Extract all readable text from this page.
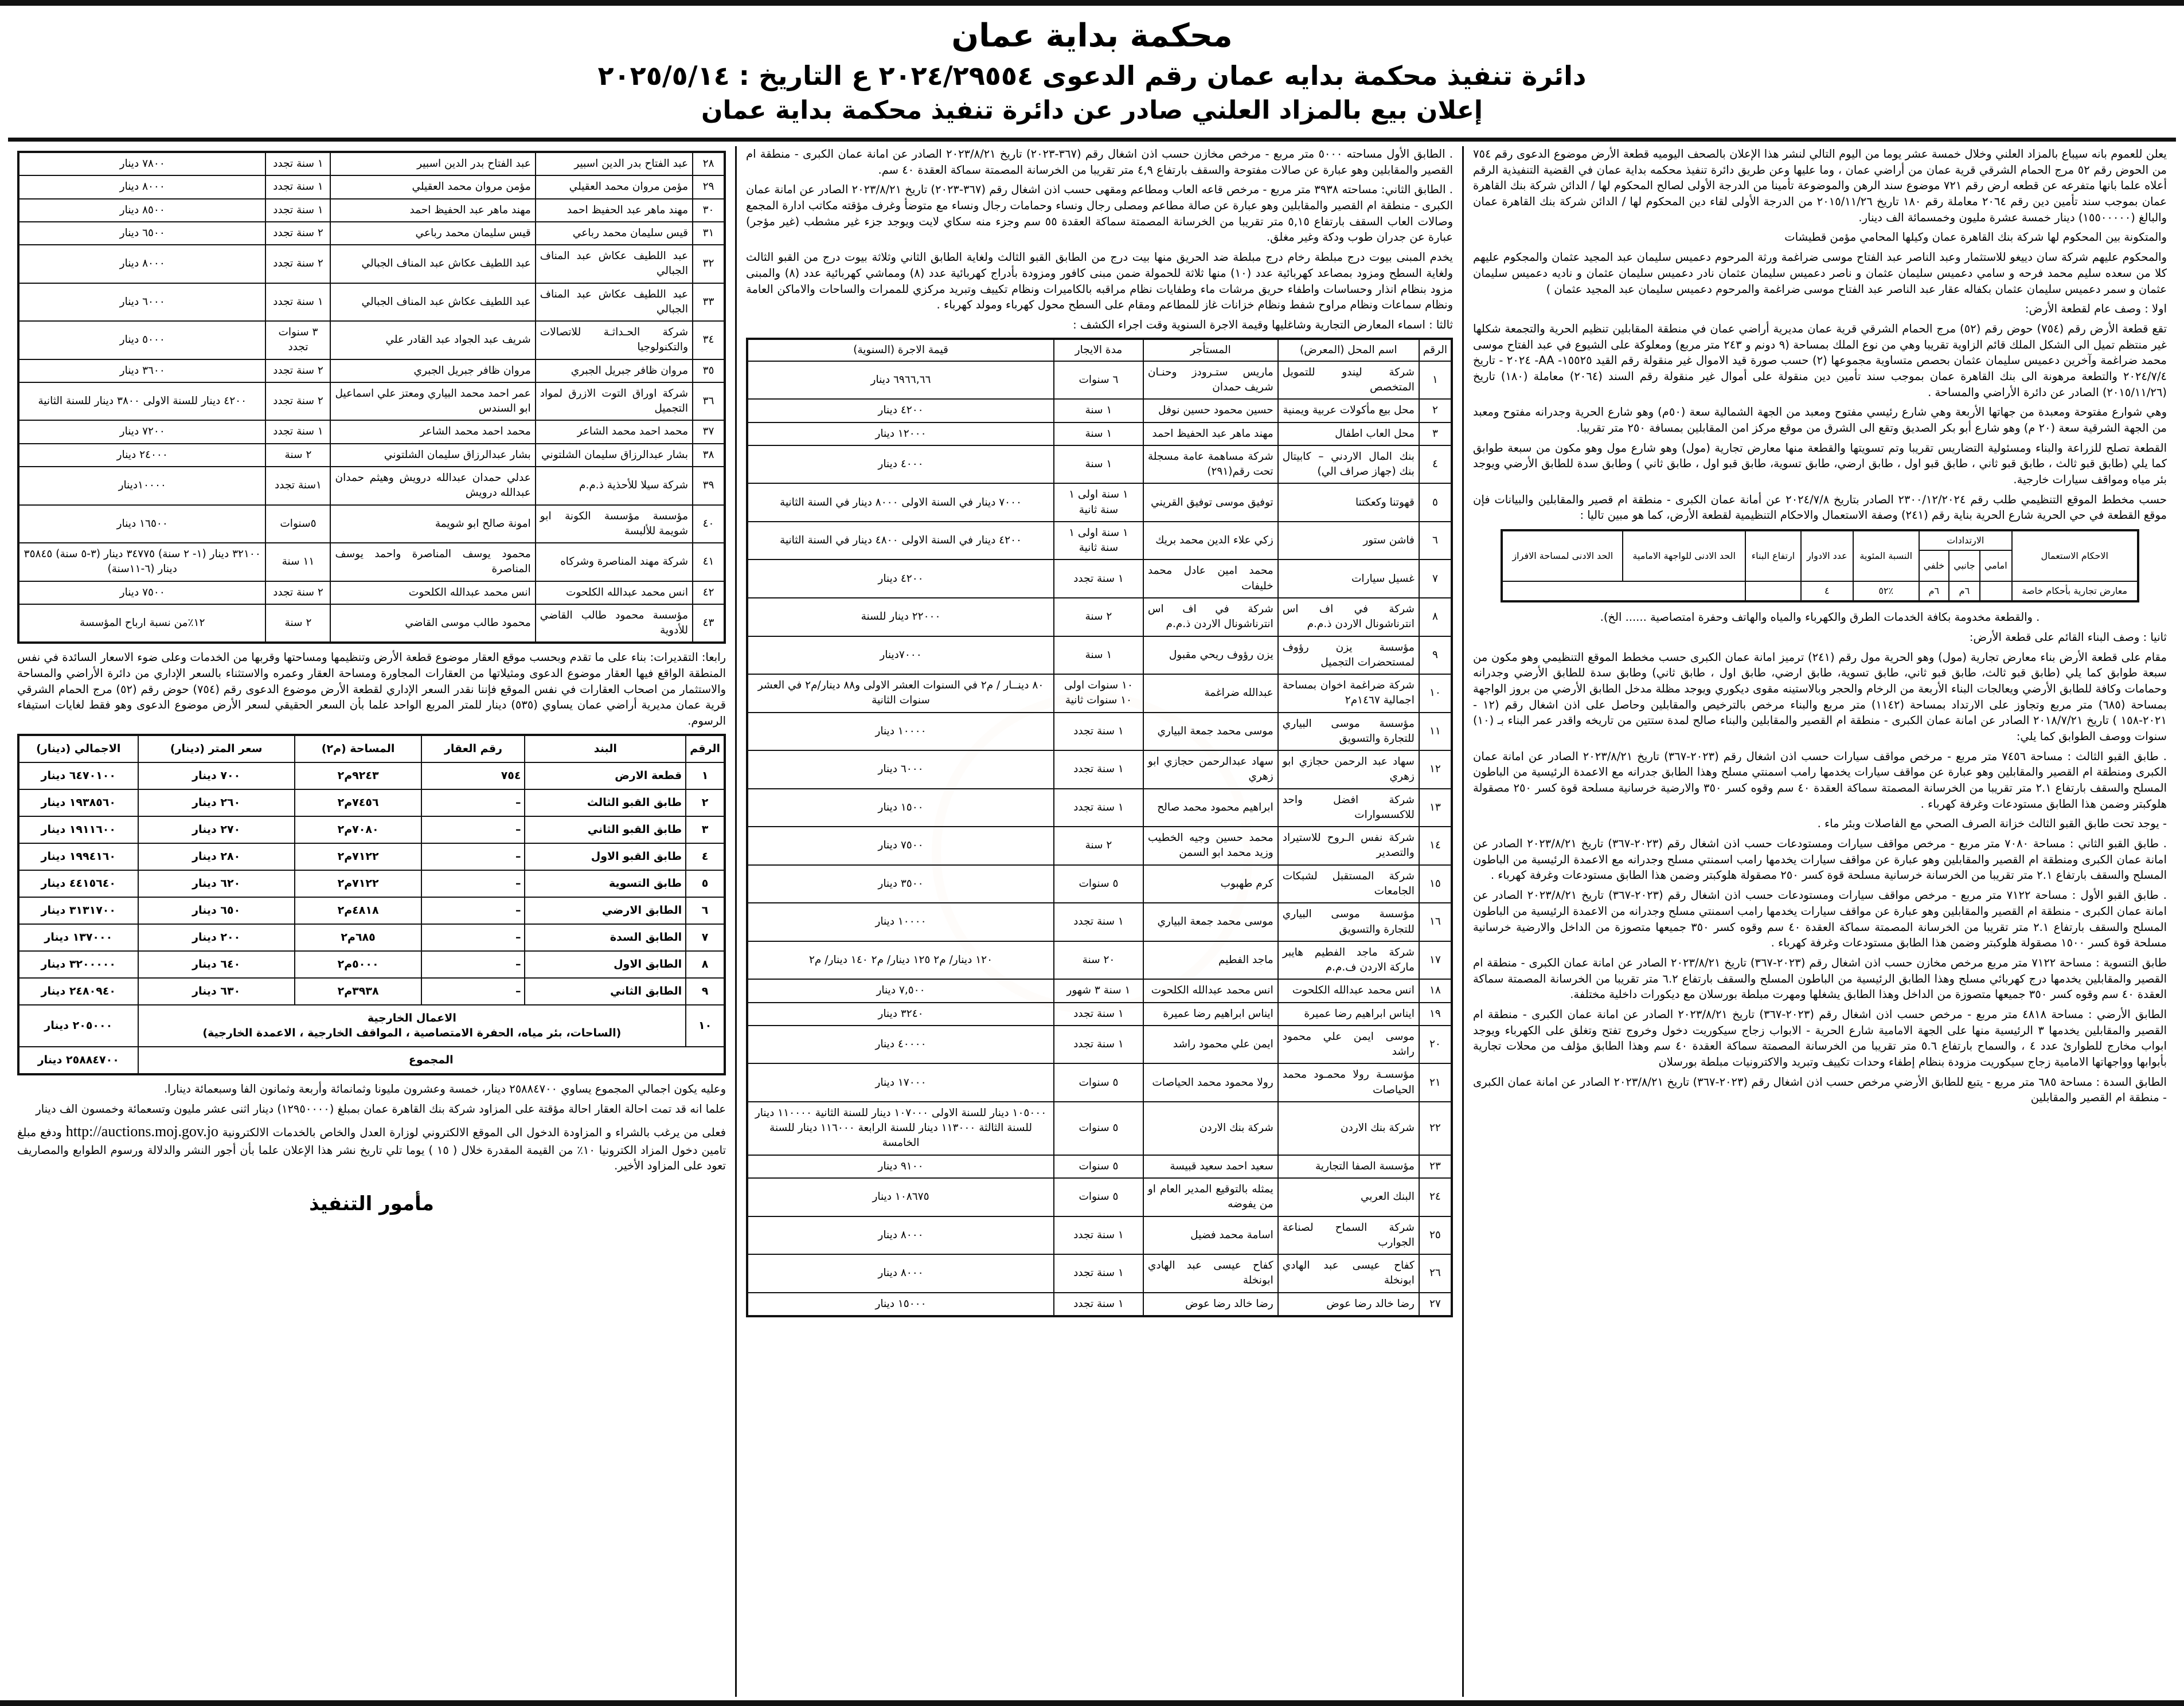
محكمة بداية عمان
دائرة تنفيذ محكمة بدايه عمان رقم الدعوى ٢٠٢٤/٢٩٥٥٤ ع التاريخ : ٢٠٢٥/٥/١٤
إعلان بيع بالمزاد العلني صادر عن دائرة تنفيذ محكمة بداية عمان

يعلن للعموم بانه سيباع بالمزاد العلني وخلال خمسة عشر يوما من اليوم التالي لنشر هذا الإعلان بالصحف اليوميه قطعة الأرض موضوع الدعوى رقم ٧٥٤ من الحوض رقم ٥٢ مرج الحمام الشرقي قرية عمان من أراضي عمان ، وما عليها وعن طريق دائرة تنفيذ محكمه بداية عمان في القضية التنفيذية الرقم أعلاه علما بانها متفرعه عن قطعه ارض رقم ٧٢١ موضوع سند الرهن والموضوعة تأمينا من الدرجة الأولى لصالح المحكوم لها / الدائن شركة بنك القاهرة عمان بموجب سند تأمين دين رقم ٢٠٦٤ معاملة رقم ١٨٠ تاريخ ٢٠١٥/١١/٢٦ من الدرجة الأولى لقاء دين المحكوم لها / الدائن شركة بنك القاهرة عمان والبالغ (١٥٥٠٠٠٠٠) دينار خمسة عشرة مليون وخمسمائة الف دينار.

والمتكونة بين المحكوم لها شركة بنك القاهرة عمان وكيلها المحامي مؤمن قطيشات

والمحكوم عليهم شركة سان دييغو للاستثمار وعبد الناصر عبد الفتاح موسى ضراغمة ورثة المرحوم دعميس سليمان عبد المجيد عثمان والمجكوم عليهم كلا من سعده سليم محمد فرحه و سامي دعميس سليمان عثمان و ناصر دعميس سليمان عثمان نادر دعميس سليمان عثمان و ناديه دعميس سليمان عثمان و سمر دعميس سليمان عثمان بكفاله عقار عبد الناصر عبد الفتاح موسى ضراغمة والمرحوم دعميس سليمان عبد المجيد عثمان )

اولا : وصف عام لقطعة الأرض:

تقع قطعة الأرض رقم (٧٥٤) حوض رقم (٥٢) مرج الحمام الشرقي قرية عمان مديرية أراضي عمان في منطقة المقابلين تنظيم الحرية والتجمعة شكلها غير منتظم تميل الى الشكل الملك قائم الزاوية تقريبا وهي من نوع الملك بمساحة (٩ دونم و ٢٤٣ متر مربع) ومعلوكة على الشيوع في عبد الفتاح موسى محمد ضراغمة وآخرين دعميس سليمان عثمان بحصص متساوية مجموعها (٢) حسب صورة قيد الاموال غير منقولة رقم القيد ١٥٥٢٥- AA- ٢٠٢٤ - تاريخ ٢٠٢٤/٧/٤ والتطعة مرهونة الى بنك القاهرة عمان بموجب سند تأمين دين منقولة على أموال غير منقولة رقم السند (٢٠٦٤) معاملة (١٨٠) تاريخ (٢٠١٥/١١/٢٦) الصادر عن دائرة الأراضي والمساحة .

وهي شوارع مفتوحة ومعبدة من جهاتها الأربعة وهي شارع رئيسي مفتوح ومعبد من الجهة الشمالية سعة (٥٠م) وهو شارع الحرية وجدرانه مفتوح ومعبد من الجهة الشرقية سعة (٢٠ م) وهو شارع أبو بكر الصديق وتقع الى الشرق من موقع مركز امن المقابلين بمسافة ٢٥٠ متر تقريبا.

القطعة تصلح للزراعة والبناء ومسئولية التضاريس تقريبا وتم تسويتها والقطعة منها معارض تجارية (مول) وهو شارع مول وهو مكون من سبعة طوابق كما يلي (طابق قبو ثالث ، طابق قبو ثاني ، طابق قبو اول ، طابق ارضي، طابق تسوية، طابق قبو اول ، طابق ثاني ) وطابق سدة للطابق الأرضي ويوجد بئر مياه ومواقف سيارات خارجية.

حسب مخطط الموقع التنظيمي طلب رقم ٢٣٠٠/١٢/٢٠٢٤ الصادر بتاريخ ٢٠٢٤/٧/٨ عن أمانة عمان الكبرى - منطقة ام قصير والمقابلين والبيانات فإن موقع القطعة في حي الحرية شارع الحرية بناية رقم (٢٤١) وصفة الاستعمال والاحكام التنظيمية لقطعة الأرض، كما هو مبين تاليا :

الاحكام الاستعمال	الارتدادات			النسبة المئوية	عدد الادوار	ارتفاع البناء	الحد الادنى للواجهة الامامية	الحد الادنى لمساحة الافراز
	امامي	جانبي	خلفي					
معارض تجارية بأحكام خاصة		٦م	٦م	٪٥٢	٤			

. والقطعة مخدومة بكافة الخدمات الطرق والكهرباء والمياه والهاتف وحفرة امتصاصية ...... الخ).

ثانيا : وصف البناء القائم على قطعة الأرض:

مقام على قطعة الأرض بناء معارض تجارية (مول) وهو الحرية مول رقم (٢٤١) ترميز امانة عمان الكبرى حسب مخطط الموقع التنظيمي وهو مكون من سبعة طوابق كما يلي (طابق قبو ثالث، طابق قبو ثاني، طابق تسوية، طابق ارضي، طابق اول ، طابق ثاني) وطابق سدة للطابق الأرضي وجدرانه وحمامات وكافة للطابق الأرضي ويعالجات البناء الأربعة من الرخام والحجر وبالاستينه مقوى ديكوري ويوجد مظلة مدخل الطابق الأرضي من بروز الواجهة بمساحة (٦٨٥) متر مربع وتجاوز على الارتداد بمساحة (١١٤٢) متر مربع والبناء مرخص بالترخيص والمقابلين وحاصل على اذن اشغال رقم (١٢ - ٢٠٢١-١٥٨ ) تاريخ ٢٠١٨/٧/٢١ الصادر عن امانة عمان الكبرى - منطقة ام القصير والمقابلين والبناء صالح لمدة ستتين من تاريخه واقدر عمر البناء بـ (١٠) سنوات ووصف الطوابق كما يلي:

. طابق القبو الثالث : مساحة ٧٤٥٦ متر مربع - مرخص مواقف سيارات حسب اذن اشغال رقم (٢٠٢٣-٣٦٧) تاريخ ٢٠٢٣/٨/٢١ الصادر عن امانة عمان الكبرى ومنطقة ام القصير والمقابلين وهو عبارة عن مواقف سيارات يخدمها رامب اسمنتي مسلح وهذا الطابق جدرانه مع الاعمدة الرئيسية من الباطون المسلح والسقف بارتفاع ٢.١ متر تقريبا من الخرسانة المصمتة سماكة العقدة ٤٠ سم وقوه كسر ٣٥٠ والارضية خرسانية مسلحة قوة كسر ٢٥٠ مصقولة هلوكبتر وضمن هذا الطابق مستودعات وغرفة كهرباء .

- يوجد تحت طابق القبو الثالث خزانة الصرف الصحي مع الفاصلات وبئر ماء .

. طابق القبو الثاني : مساحة ٧٠٨٠ متر مربع - مرخص مواقف سيارات ومستودعات حسب اذن اشغال رقم (٢٠٢٣-٣٦٧) تاريخ ٢٠٢٣/٨/٢١ الصادر عن امانة عمان الكبرى ومنطقة ام القصير والمقابلين وهو عبارة عن مواقف سيارات يخدمها رامب اسمنتي مسلح وجدرانه مع الاعمدة الرئيسية من الباطون المسلح والسقف بارتفاع ٢.١ متر تقريبا من الخرسانة خرسانية مسلحة قوة كسر ٢٥٠ مصقولة هلوكبتر وضمن هذا الطابق مستودعات وغرفة كهرباء .

. طابق القبو الأول : مساحة ٧١٢٢ متر مربع - مرخص مواقف سيارات ومستودعات حسب اذن اشغال رقم (٢٠٢٣-٣٦٧) تاريخ ٢٠٢٣/٨/٢١ الصادر عن امانة عمان الكبرى - منطقة ام القصير والمقابلين وهو عبارة عن مواقف سيارات يخدمها رامب اسمنتي مسلح وجدرانه من الاعمدة الرئيسية من الباطون المسلح والسقف بارتفاع ٢.١ متر تقريبا من الخرسانة المصمتة سماكة العقدة ٤٠ سم وقوه كسر ٣٥٠ جميعها متصوزة من الداخل والارضية خرسانية مسلحة قوة كسر ١٥٠٠ مصقولة هلوكبتر وضمن هذا الطابق مستودعات وغرفة كهرباء .

طابق التسوية : مساحة ٧١٢٢ متر مربع مرخص مخازن حسب اذن اشغال رقم (٢٠٢٣-٣٦٧) تاريخ ٢٠٢٣/٨/٢١ الصادر عن امانة عمان الكبرى - منطقة ام القصير والمقابلين يخدمها درج كهربائي مسلح وهذا الطابق الرئيسية من الباطون المسلح والسقف بارتفاع ٦.٢ متر تقريبا من الخرسانة المصمتة سماكة العقدة ٤٠ سم وقوه كسر ٣٥٠ جميعها متصوزة من الداخل وهذا الطابق يشغلها ومهرت مبلطة بورسلان مع ديكورات داخلية مختلفة.

الطابق الأرضي : مساحة ٤٨١٨ متر مربع - مرخص حسب اذن اشغال رقم (٢٠٢٣-٣٦٧) تاريخ ٢٠٢٣/٨/٢١ الصادر عن امانة عمان الكبرى - منطقة ام القصير والمقابلين يخدمها ٣ الرئيسية منها على الجهة الامامية شارع الحرية - الابواب زجاج سيكوريت دخول وخروج تفتح وتغلق على الكهرباء ويوجد ابواب مخارج للطوارئ عدد ٤ ، والسماح بارتفاع ٥.٦ متر تقريبا من الخرسانة المصمتة سماكة العقدة ٤٠ سم وهذا الطابق مؤلف من محلات تجارية بأبوابها وواجهاتها الامامية زجاج سيكوريت مزودة بنظام إطفاء وحدات تكييف وتبريد والاكترونيات مبلطة بورسلان

الطابق السدة : مساحة ٦٨٥ متر مربع - يتبع للطابق الأرضي مرخص حسب اذن اشغال رقم (٢٠٢٣-٣٦٧) تاريخ ٢٠٢٣/٨/٢١ الصادر عن امانة عمان الكبرى - منطقة ام القصير والمقابلين

. الطابق الأول مساحته ٥٠٠٠ متر مربع - مرخص مخازن حسب اذن اشغال رقم (٣٦٧-٢٠٢٣) تاريخ ٢٠٢٣/٨/٢١ الصادر عن امانة عمان الكبرى - منطقة ام القصير والمقابلين وهو عبارة عن صالات مفتوحة والسقف بارتفاع ٤,٩ متر تقريبا من الخرسانة المصمتة سماكة العقدة ٤٠ سم.

. الطابق الثاني: مساحته ٣٩٣٨ متر مربع - مرخص قاعه العاب ومطاعم ومقهى حسب اذن اشغال رقم (٣٦٧-٢٠٢٣) تاريخ ٢٠٢٣/٨/٢١ الصادر عن امانة عمان الكبرى - منطقة ام القصير والمقابلين وهو عبارة عن صالة مطاعم ومصلى رجال ونساء وحمامات رجال ونساء مع متوضأ وغرف مؤقته مكاتب ادارة المجمع وصالات العاب السقف بارتفاع ٥,١٥ متر تقريبا من الخرسانة المصمتة سماكة العقدة ٥٥ سم وجزء منه سكاي لايت ويوجد جزء غير مشطب (غير مؤجر) عبارة عن جدران طوب ودكة وغير مغلق.

يخدم المبنى بيوت درج مبلطة رخام درج مبلطة ضد الحريق منها بيت درج من الطابق القبو الثالث ولغاية الطابق الثاني وثلاثة بيوت درج من القبو الثالث ولغاية السطح ومزود بمصاعد كهربائية عدد (١٠) منها ثلاثة للحمولة ضمن مبنى كافور ومزودة بأدراج كهربائية عدد (٨) ومماشي كهربائية عدد (٨) والمبنى مزود بنظام انذار وحساسات واطفاء حريق مرشات ماء وطفايات نظام مراقبه بالكاميرات ونظام تكييف وتبريد مركزي للممرات والساحات والاماكن العامة ونظام سماعات ونظام مراوح شفط ونظام خزانات غاز للمطاعم ومقام على السطح محول كهرباء ومولد كهرباء .

ثالثا : اسماء المعارض التجارية وشاغليها وقيمة الاجرة السنوية وقت اجراء الكشف :

الرقم	اسم المحل (المعرض)	المستأجر	مدة الايجار	قيمة الاجرة (السنوية)
١	شركة ليندو للتمويل المتخصص	ماريس ستـرودز وحنـان شريف حمدان	٦ سنوات	٦٩٦٦,٦٦ دينار
٢	محل بيع مأكولات عربية ويمنية	حسين محمود حسين نوفل	١ سنة	٤٢٠٠ دينار
٣	محل العاب اطفال	مهند ماهر عبد الحفيظ احمد	١ سنة	١٢٠٠٠ دينار
٤	بنك المال الاردني – كابيتال بنك (جهاز صراف الي)	شركة مساهمة عامة مسجلة تحت رقم(٢٩١)	١ سنة	٤٠٠٠ دينار
٥	قهوتنا وكعكتنا	توفيق موسى توفيق القريني	١ سنة اولى ١ سنة ثانية	٧٠٠٠ دينار في السنة الاولى ٨٠٠٠ دينار في السنة الثانية
٦	فاشن ستور	زكي علاء الدين محمد بريك	١ سنة اولى ١ سنة ثانية	٤٢٠٠ دينار في السنة الاولى ٤٨٠٠ دينار في السنة الثانية
٧	غسيل سيارات	محمد امين عادل محمد خليفات	١ سنة تجدد	٤٢٠٠ دينار
٨	شركة في اف اس انترناشونال الاردن ذ.م.م	شركة في اف اس انترناشونال الاردن ذ.م.م	٢ سنة	٢٢٠٠٠ دينار للسنة
٩	مؤسسة يزن رؤوف لمستحضرات التجميل	يزن رؤوف ريحي مقبول	١ سنة	٧٠٠٠دينار
١٠	شركة ضراغمة اخوان بمساحة اجمالية ١٤٦٧م٢	عبدالله ضراغمة	١٠ سنوات اولى ١٠ سنوات ثانية	٨٠ دينــار / م٢ في السنوات العشر الاولى و٨٨ دينار/م٢ في العشر سنوات الثانية
١١	مؤسسة موسى البياري للتجارة والتسويق	موسى محمد جمعة البياري	١ سنة تجدد	١٠٠٠٠ دينار
١٢	سهاد عبد الرحمن حجازي ابو زهري	سهاد عبدالرحمن حجازي ابو زهري	١ سنة تجدد	٦٠٠٠ دينار
١٣	شركة افضل واحد للاكسسوارات	ابراهيم محمود محمد صالح	١ سنة تجدد	١٥٠٠ دينار
١٤	شركة نفس الـروح للاستيراد والتصدير	محمد حسين وجيه الخطيب وزيد محمد ابو السمن	٢ سنة	٧٥٠٠ دينار
١٥	شركة المستقبل لشبكات الجامعات	كرم طهبوب	٥ سنوات	٣٥٠٠ دينار
١٦	مؤسسة موسى البياري للتجارة والتسويق	موسى محمد جمعة البياري	١ سنة تجدد	١٠٠٠٠ دينار
١٧	شركة ماجد الفطيم هايبر ماركة الاردن ف.م.م	ماجد الفطيم	٢٠ سنة	١٢٠ دينار/ م٢ ١٢٥ دينار/ م٢ ١٤٠ دينار/ م٢
١٨	انس محمد عبدالله الكلحوت	انس محمد عبدالله الكلحوت	١ سنة ٣ شهور	٧,٥٠٠ دينار
١٩	ايناس ابراهيم رضا عميرة	ايناس ابراهيم رضا عميرة	١ سنة تجدد	٣٢٤٠ دينار
٢٠	موسى ايمن علي محمود راشد	ايمن علي محمود راشد	١ سنة تجدد	٤٠٠٠٠ دينار
٢١	مؤسسـة رولا محمـود محمد الحياصات	رولا محمود محمد الحياصات	٥ سنوات	١٧٠٠٠ دينار
٢٢	شركة بنك الاردن	شركة بنك الاردن	٥ سنوات	١٠٥٠٠٠ دينار للسنة الاولى ١٠٧٠٠٠ دينار للسنة الثانية ١١٠٠٠٠ دينار للسنة الثالثة ١١٣٠٠٠ دينار للسنة الرابعة ١١٦٠٠٠ دينار للسنة الخامسة
٢٣	مؤسسة الصفا التجارية	سعيد احمد سعيد قبيسة	٥ سنوات	٩١٠٠ دينار
٢٤	البنك العربي	يمثله بالتوقيع المدير العام او من يفوضه	٥ سنوات	١٠٨٦٧٥ دينار
٢٥	شركة السماح لصناعة الجوارب	اسامة محمد فضيل	١ سنة تجدد	٨٠٠٠ دينار
٢٦	كفاح عيسى عبد الهادي ابونخلة	كفاح عيسى عبد الهادي ابونخلة	١ سنة تجدد	٨٠٠٠ دينار
٢٧	رضا خالد رضا عوض	رضا خالد رضا عوض	١ سنة تجدد	١٥٠٠٠ دينار
٢٨	عبد الفتاح بدر الدين اسبير	عبد الفتاح بدر الدين اسبير	١ سنة تجدد	٧٨٠٠ دينار
٢٩	مؤمن مروان محمد العقيلي	مؤمن مروان محمد العقيلي	١ سنة تجدد	٨٠٠٠ دينار
٣٠	مهند ماهر عبد الحفيظ احمد	مهند ماهر عبد الحفيظ احمد	١ سنة تجدد	٨٥٠٠ دينار
٣١	قيس سليمان محمد رباعي	قيس سليمان محمد رباعي	٢ سنة تجدد	٦٥٠٠ دينار
٣٢	عبد اللطيف عكاش عبد المناف الجبالي	عبد اللطيف عكاش عبد المناف الجبالي	٢ سنة تجدد	٨٠٠٠ دينار
٣٣	عبد اللطيف عكاش عبد المناف الجبالي	عبد اللطيف عكاش عبد المناف الجبالي	١ سنة تجدد	٦٠٠٠ دينار
٣٤	شركة الحـداثـة للاتصالات والتكنولوجيا	شريف عبد الجواد عبد القادر علي	٣ سنوات تجدد	٥٠٠٠ دينار
٣٥	مروان ظافر جبريل الجبري	مروان ظافر جبريل الجبري	٢ سنة تجدد	٣٦٠٠ دينار
٣٦	شركة اوراق التوت الازرق لمواد التجميل	عمر احمد محمد البياري ومعتز علي اسماعيل ابو السندس	٢ سنة تجدد	٤٢٠٠ دينار للسنة الاولى ٣٨٠٠ دينار للسنة الثانية
٣٧	محمد احمد محمد الشاعر	محمد احمد محمد الشاعر	١ سنة تجدد	٧٢٠٠ دينار
٣٨	بشار عبدالرزاق سليمان الشلتوني	بشار عبدالرزاق سليمان الشلتوني	٢ سنة	٢٤٠٠٠ دينار
٣٩	شركة سيلا للأحذية ذ.م.م	عدلي حمدان عبدالله درويش وهيثم حمدان عبدالله درويش	١سنة تجدد	١٠٠٠٠دينار
٤٠	مؤسسة مؤسسة الكونة ابو شويمة للألبسة	امونة صالح ابو شويمة	٥سنوات	١٦٥٠٠ دينار
٤١	شركة مهند المناصرة وشركاه	محمود يوسف المناصرة واحمد يوسف المناصرة	١١ سنة	٣٢١٠٠ دينار (١- ٢ سنة) ٣٤٧٧٥ دينار (٣-٥ سنة) ٣٥٨٤٥ دينار (٦-١١سنة)
٤٢	انس محمد عبدالله الكلحوت	انس محمد عبدالله الكلحوت	٢ سنة تجدد	٧٥٠٠ دينار
٤٣	مؤسسة محمود طالب القاضي للأدوية	محمود طالب موسى القاضي	٢ سنة	١٢٪من نسبة ارباح المؤسسة

رابعا: التقديرات: بناء على ما تقدم وبحسب موقع العقار موضوع قطعة الأرض وتنظيمها ومساحتها وقربها من الخدمات وعلى ضوء الاسعار السائدة في نفس المنطقة الواقع فيها العقار موضوع الدعوى ومثيلاتها من العقارات المجاورة ومساحة العقار وعمره والاستثناء بالسعر الإداري من دائرة الأراضي والمساحة والاستثمار من اصحاب العقارات في نفس الموقع فإننا نقدر السعر الإداري لقطعة الأرض موضوع الدعوى رقم (٧٥٤) حوض رقم (٥٢) مرج الحمام الشرقي قرية عمان مديرية أراضي عمان يساوي (٥٣٥) دينار للمتر المربع الواحد علما بأن السعر الحقيقي لسعر الأرض موضوع الدعوى وهو فقط لغايات استيفاء الرسوم.

الرقم	البند	رقم العقار	المساحة (م٢)	سعر المتر (دينار)	الاجمالي (دينار)
١	قطعة الارض	٧٥٤	٩٢٤٣م٢	٧٠٠ دينار	٦٤٧٠١٠٠ دينار
٢	طابق القبو الثالث	–	٧٤٥٦م٢	٢٦٠ دينار	١٩٣٨٥٦٠ دينار
٣	طابق القبو الثاني	–	٧٠٨٠م٢	٢٧٠ دينار	١٩١١٦٠٠ دينار
٤	طابق القبو الاول	–	٧١٢٢م٢	٢٨٠ دينار	١٩٩٤١٦٠ دينار
٥	طابق التسوية	–	٧١٢٢م٢	٦٢٠ دينار	٤٤١٥٦٤٠ دينار
٦	الطابق الارضي	–	٤٨١٨م٢	٦٥٠ دينار	٣١٣١٧٠٠ دينار
٧	الطابق السدة	–	٦٨٥م٢	٢٠٠ دينار	١٣٧٠٠٠ دينار
٨	الطابق الاول	–	٥٠٠٠م٢	٦٤٠ دينار	٣٢٠٠٠٠٠ دينار
٩	الطابق الثاني	–	٣٩٣٨م٢	٦٣٠ دينار	٢٤٨٠٩٤٠ دينار
١٠	الاعمال الخارجية
(الساحات، بئر مياه، الحفرة الامتصاصية ، المواقف الخارجية ، الاعمدة الخارجية)				٢٠٥٠٠٠ دينار
المجموع					٢٥٨٨٤٧٠٠ دينار

وعليه يكون اجمالي المجموع يساوي ٢٥٨٨٤٧٠٠ دينار، خمسة وعشرون مليونا وثمانمائة وأربعة وثمانون الفا وسبعمائة دينارا.

علما انه قد تمت احالة العقار احالة مؤقتة على المزاود شركة بنك القاهرة عمان بمبلغ (١٢٩٥٠٠٠٠) دينار اثنى عشر مليون وتسعمائة وخمسون الف دينار

فعلى من يرغب بالشراء و المزاودة الدخول الى الموقع الالكتروني لوزارة العدل والخاص بالخدمات الالكترونية http://auctions.moj.gov.jo ودفع مبلغ تامين دخول المزاد الكترونيا ١٠٪ من القيمة المقدرة خلال ( ١٥ ) يوما تلي تاريخ نشر هذا الإعلان علما بأن أجور النشر والدلالة ورسوم الطوابع والمصاريف تعود على المزاود الأخير.

مأمور التنفيذ
